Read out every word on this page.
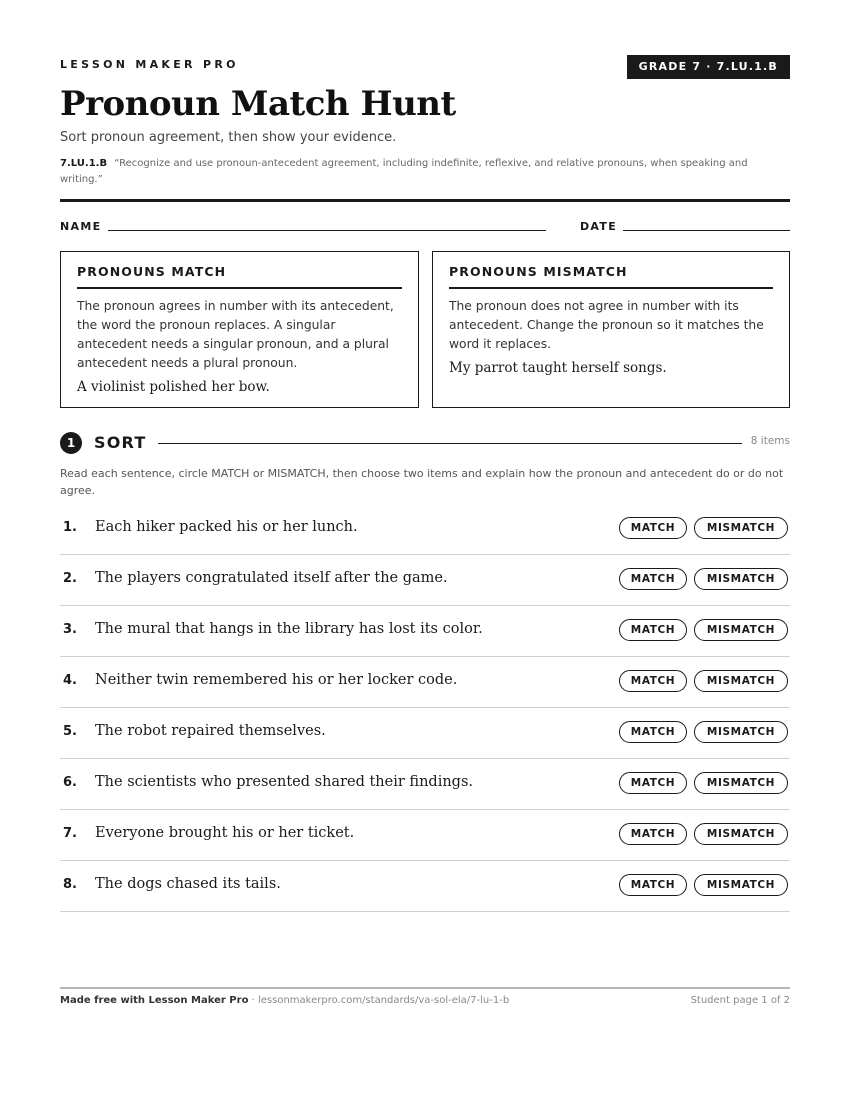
LESSON MAKER PRO	GRADE 7 · 7.LU.1.B
Pronoun Match Hunt
Sort pronoun agreement, then show your evidence.
7.LU.1.B “Recognize and use pronoun-antecedent agreement, including indefinite, reflexive, and relative pronouns, when speaking and writing.”
NAME	DATE
PRONOUNS MATCH
The pronoun agrees in number with its antecedent, the word the pronoun replaces. A singular antecedent needs a singular pronoun, and a plural antecedent needs a plural pronoun.
A violinist polished her bow.
PRONOUNS MISMATCH
The pronoun does not agree in number with its antecedent. Change the pronoun so it matches the word it replaces.
My parrot taught herself songs.
1	SORT	8 items
Read each sentence, circle MATCH or MISMATCH, then choose two items and explain how the pronoun and antecedent do or do not agree.
1. Each hiker packed his or her lunch.	MATCH	MISMATCH
2. The players congratulated itself after the game.	MATCH	MISMATCH
3. The mural that hangs in the library has lost its color.	MATCH	MISMATCH
4. Neither twin remembered his or her locker code.	MATCH	MISMATCH
5. The robot repaired themselves.	MATCH	MISMATCH
6. The scientists who presented shared their findings.	MATCH	MISMATCH
7. Everyone brought his or her ticket.	MATCH	MISMATCH
8. The dogs chased its tails.	MATCH	MISMATCH
Made free with Lesson Maker Pro · lessonmakerpro.com/standards/va-sol-ela/7-lu-1-b	Student page 1 of 2
